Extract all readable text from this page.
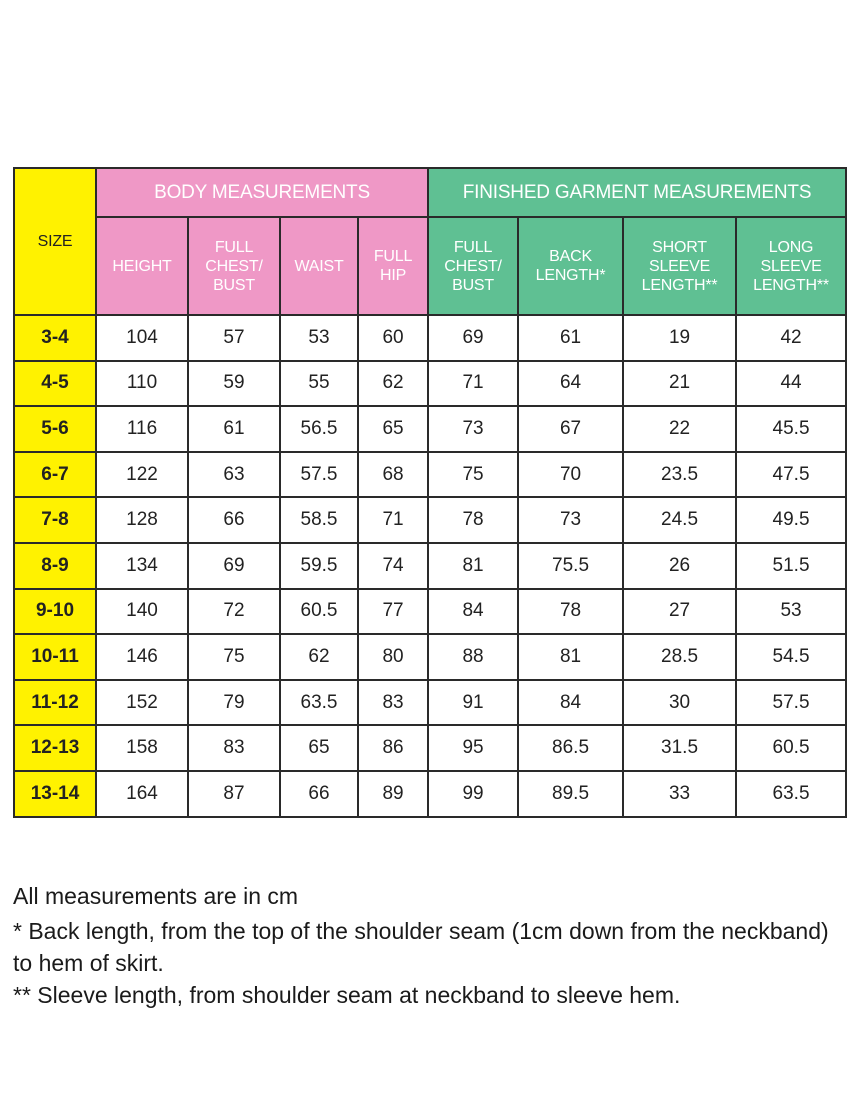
SIZE	BODY MEASUREMENTS				FINISHED GARMENT MEASUREMENTS			
	HEIGHT	FULL
CHEST/
BUST	WAIST	FULL
HIP	FULL
CHEST/
BUST	BACK
LENGTH*	SHORT
SLEEVE
LENGTH**	LONG
SLEEVE
LENGTH**
3-4	104	57	53	60	69	61	19	42
4-5	110	59	55	62	71	64	21	44
5-6	116	61	56.5	65	73	67	22	45.5
6-7	122	63	57.5	68	75	70	23.5	47.5
7-8	128	66	58.5	71	78	73	24.5	49.5
8-9	134	69	59.5	74	81	75.5	26	51.5
9-10	140	72	60.5	77	84	78	27	53
10-11	146	75	62	80	88	81	28.5	54.5
11-12	152	79	63.5	83	91	84	30	57.5
12-13	158	83	65	86	95	86.5	31.5	60.5
13-14	164	87	66	89	99	89.5	33	63.5

All measurements are in cm

* Back length, from the top of the shoulder seam (1cm down from the neckband) to hem of skirt.

** Sleeve length, from shoulder seam at neckband to sleeve hem.
